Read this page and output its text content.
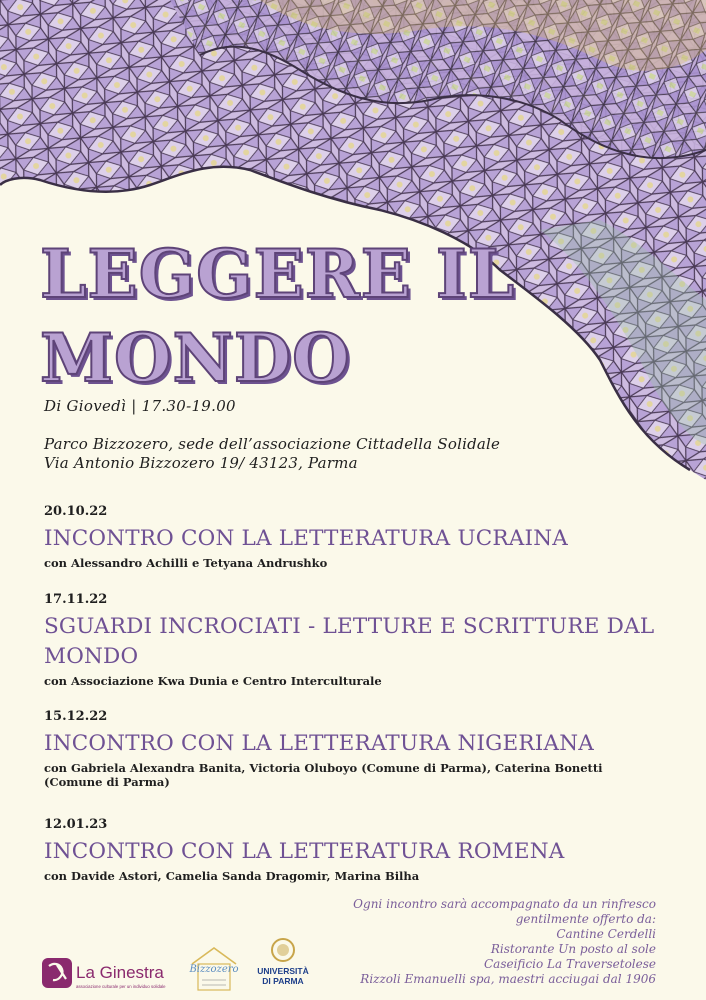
LEGGERE IL
MONDO
Di Giovedì | 17.30-19.00
Parco Bizzozero, sede dell’associazione Cittadella Solidale
Via Antonio Bizzozero 19/ 43123, Parma

20.10.22

INCONTRO CON LA LETTERATURA UCRAINA
con Alessandro Achilli e Tetyana Andrushko

17.11.22

SGUARDI INCROCIATI - LETTURE E SCRITTURE DAL MONDO
con Associazione Kwa Dunia e Centro Interculturale

15.12.22

INCONTRO CON LA LETTERATURA NIGERIANA
con Gabriela Alexandra Banita, Victoria Oluboyo (Comune di Parma), Caterina Bonetti (Comune di Parma)

12.01.23

INCONTRO CON LA LETTERATURA ROMENA
con Davide Astori, Camelia Sanda Dragomir, Marina Bilha
Ogni incontro sarà accompagnato da un rinfresco
gentilmente offerto da:
Cantine Cerdelli
Ristorante Un posto al sole
Caseificio La Traversetolese
Rizzoli Emanuelli spa, maestri acciugai dal 1906
La Ginestra
associazione culturale per un individuo solidale
Bizzozero UNIVERSITÀ
DI PARMA
